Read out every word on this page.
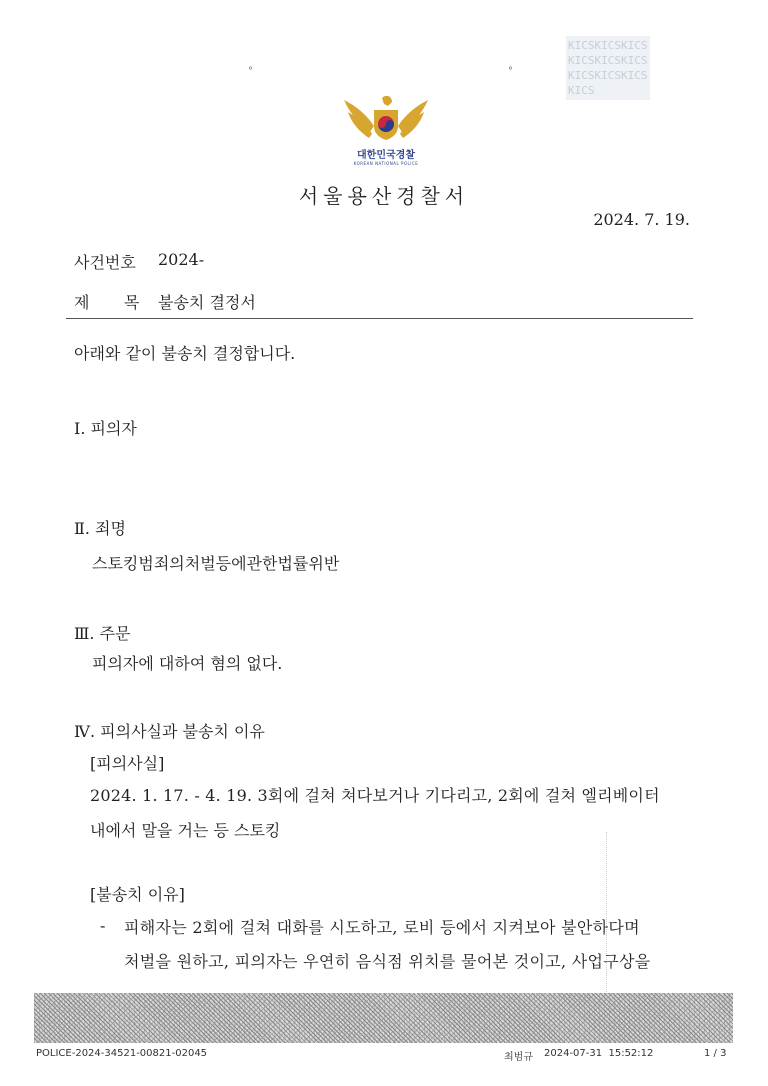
KICSKICSKICSKICSKICSKICSKICSKICSKICSKICS
°	°
대한민국경찰
KOREAN NATIONAL POLICE
서울용산경찰서
2024. 7. 19.
사건번호 2024-
제 목 불송치 결정서
아래와 같이 불송치 결정합니다.
Ⅰ. 피의자
Ⅱ. 죄명
스토킹범죄의처벌등에관한법률위반
Ⅲ. 주문
피의자에 대하여 혐의 없다.
Ⅳ. 피의사실과 불송치 이유
[피의사실]
2024. 1. 17. - 4. 19. 3회에 걸쳐 쳐다보거나 기다리고, 2회에 걸쳐 엘리베이터
내에서 말을 거는 등 스토킹
[불송치 이유]
- 피해자는 2회에 걸쳐 대화를 시도하고, 로비 등에서 지켜보아 불안하다며
처벌을 원하고, 피의자는 우연히 음식점 위치를 물어본 것이고, 사업구상을
POLICE-2024-34521-00821-02045	최범규 2024-07-31  15:52:12	1 / 3
